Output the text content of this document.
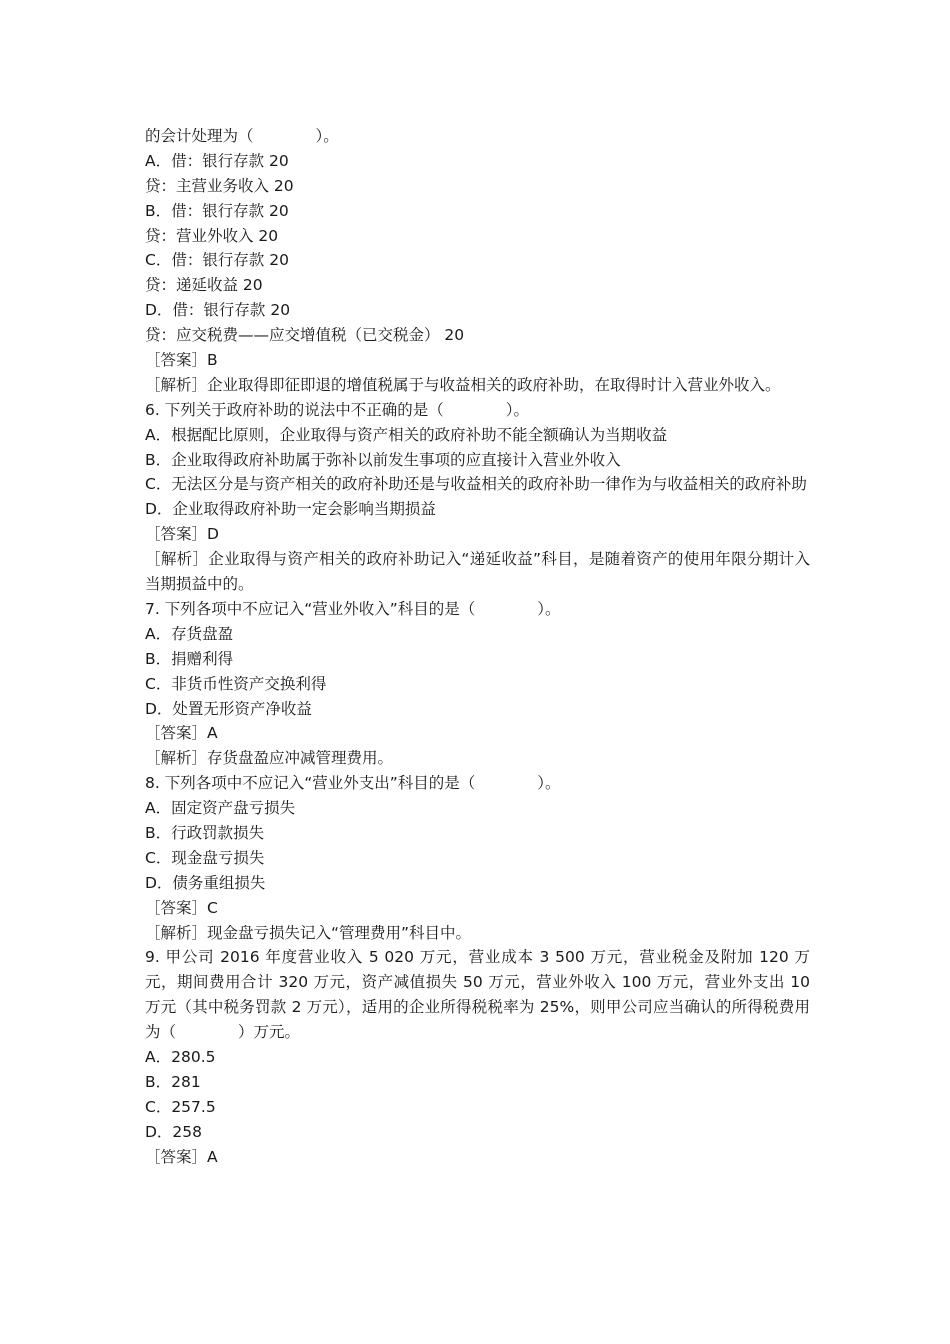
的会计处理为（　　　　）。
A．借：银行存款 20
贷：主营业务收入 20
B．借：银行存款 20
贷：营业外收入 20
C．借：银行存款 20
贷：递延收益 20
D．借：银行存款 20
贷：应交税费——应交增值税（已交税金） 20
［答案］B
［解析］企业取得即征即退的增值税属于与收益相关的政府补助，在取得时计入营业外收入。
6. 下列关于政府补助的说法中不正确的是（　　　　）。
A．根据配比原则，企业取得与资产相关的政府补助不能全额确认为当期收益
B．企业取得政府补助属于弥补以前发生事项的应直接计入营业外收入
C．无法区分是与资产相关的政府补助还是与收益相关的政府补助一律作为与收益相关的政府补助
D．企业取得政府补助一定会影响当期损益
［答案］D
［解析］企业取得与资产相关的政府补助记入“递延收益”科目，是随着资产的使用年限分期计入当期损益中的。
7. 下列各项中不应记入“营业外收入”科目的是（　　　　）。
A．存货盘盈
B．捐赠利得
C．非货币性资产交换利得
D．处置无形资产净收益
［答案］A
［解析］存货盘盈应冲减管理费用。
8. 下列各项中不应记入“营业外支出”科目的是（　　　　）。
A．固定资产盘亏损失
B．行政罚款损失
C．现金盘亏损失
D．债务重组损失
［答案］C
［解析］现金盘亏损失记入“管理费用”科目中。
9. 甲公司 2016 年度营业收入 5 020 万元，营业成本 3 500 万元，营业税金及附加 120 万元，期间费用合计 320 万元，资产减值损失 50 万元，营业外收入 100 万元，营业外支出 10 万元（其中税务罚款 2 万元），适用的企业所得税税率为 25%，则甲公司应当确认的所得税费用为（　　　　）万元。
A．280.5
B．281
C．257.5
D．258
［答案］A
